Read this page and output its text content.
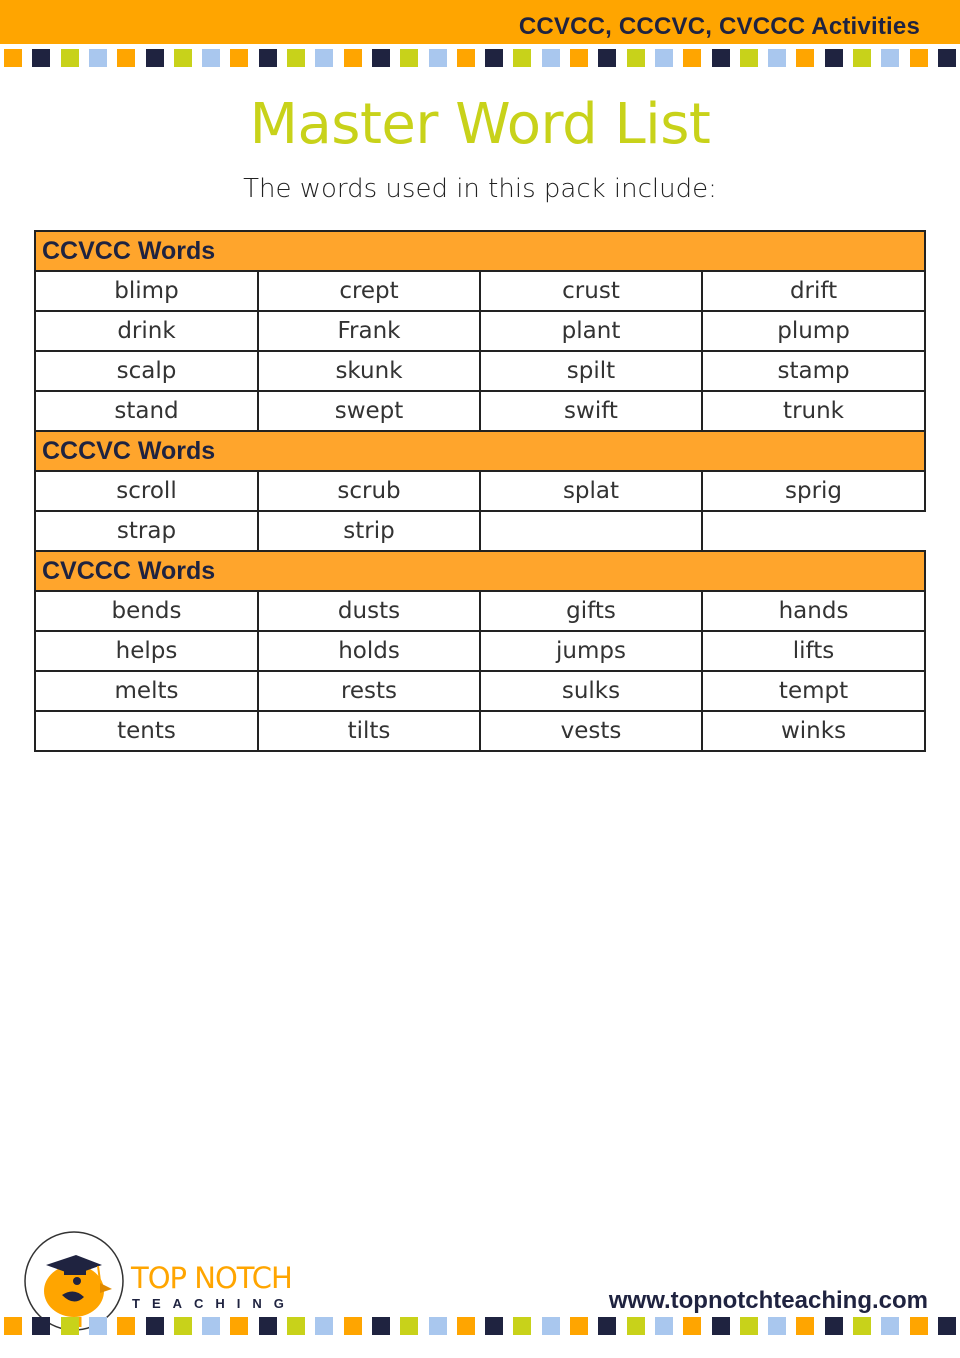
CCVCC, CCCVC, CVCCC Activities
Master Word List
The words used in this pack include:
CCVCC Words			
blimp	crept	crust	drift
drink	Frank	plant	plump
scalp	skunk	spilt	stamp
stand	swept	swift	trunk
CCCVC Words			
scroll	scrub	splat	sprig
strap	strip		
CVCCC Words			
bends	dusts	gifts	hands
helps	holds	jumps	lifts
melts	rests	sulks	tempt
tents	tilts	vests	winks
TOP NOTCH
TEACHING	www.topnotchteaching.com
